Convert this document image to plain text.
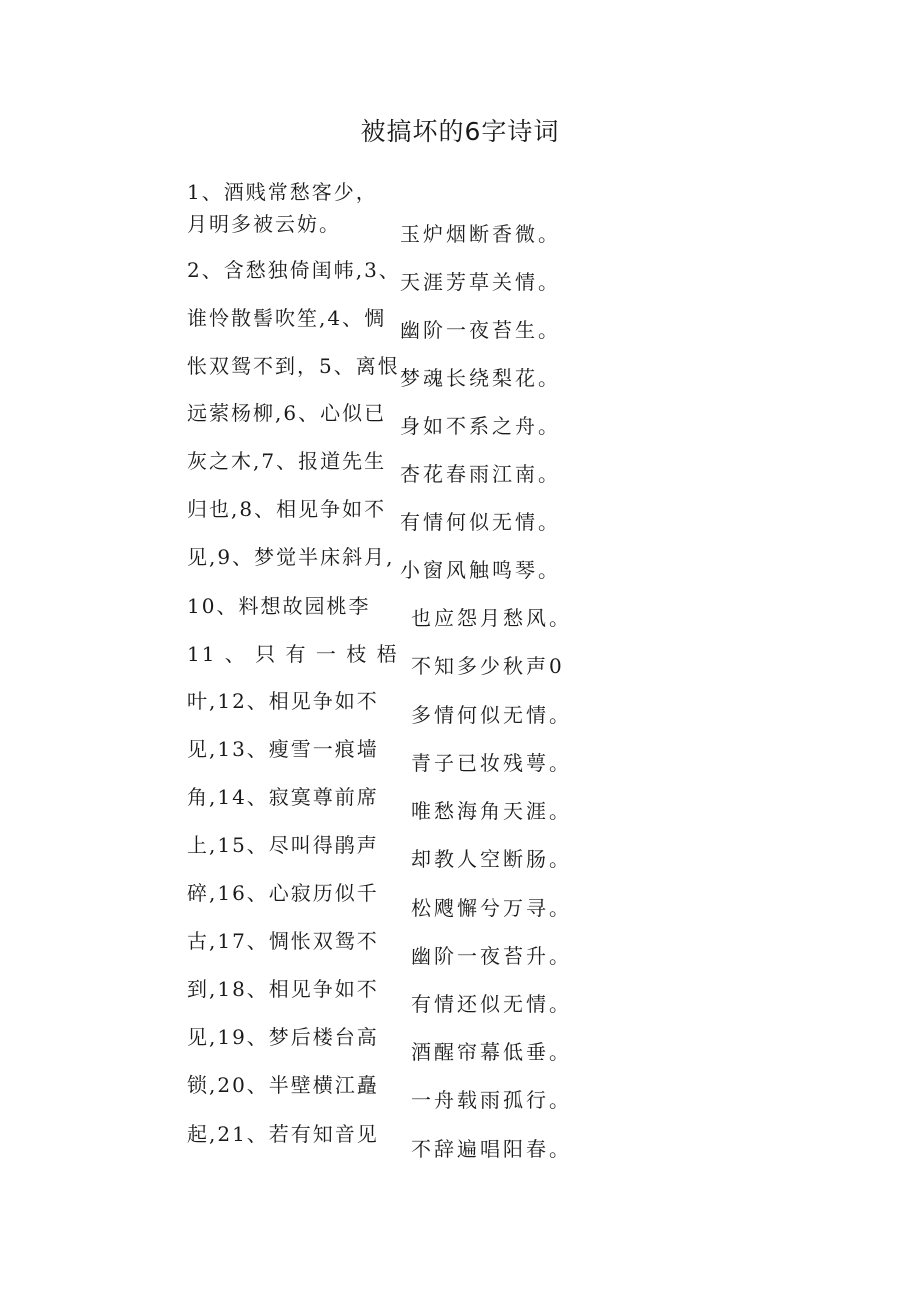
被搞坏的6字诗词
1、酒贱常愁客少，
月明多被云妨。
2、含愁独倚闺帏,3、
谁怜散髻吹笙,4、惆
怅双鸳不到，5、离恨
远萦杨柳,6、心似已
灰之木,7、报道先生
归也,8、相见争如不
见,9、梦觉半床斜月,
10、料想故园桃李
11 、 只 有 一 枝 梧
叶,12、相见争如不
见,13、瘦雪一痕墙
角,14、寂寞尊前席
上,15、尽叫得鹃声
碎,16、心寂历似千
古,17、惆怅双鸳不
到,18、相见争如不
见,19、梦后楼台高
锁,20、半壁横江矗
起,21、若有知音见
玉炉烟断香微。
天涯芳草关情。
幽阶一夜苔生。
梦魂长绕梨花。
身如不系之舟。
杏花春雨江南。
有情何似无情。
小窗风触鸣琴。
也应怨月愁风。
不知多少秋声0
多情何似无情。
青子已妆残萼。
唯愁海角天涯。
却教人空断肠。
松飕懈兮万寻。
幽阶一夜苔升。
有情还似无情。
酒醒帘幕低垂。
一舟载雨孤行。
不辞遍唱阳春。
